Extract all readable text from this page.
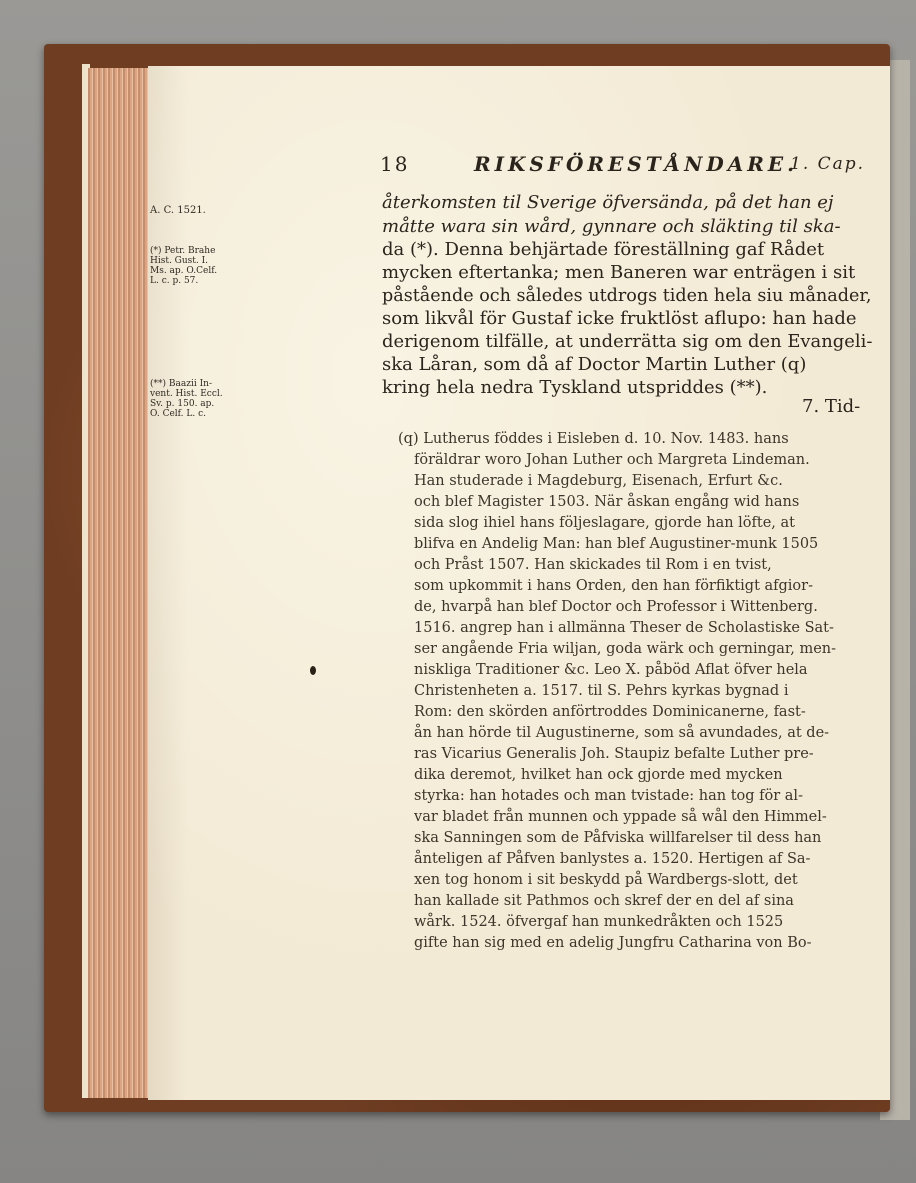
18	RIKSFÖRESTÅNDARE.
1. Cap.
A. C. 1521.
(*) Petr. Brahe
Hist. Gust. I.
Ms. ap. O.Celf.
L. c. p. 57.
(**) Baazii In-
vent. Hist. Eccl.
Sv. p. 150. ap.
O. Celf. L. c.
återkomsten til Sverige öfversända, på det han ej
måtte wara sin wård, gynnare och släkting til ska-
da (*). Denna behjärtade föreställning gaf Rådet
mycken eftertanka; men Baneren war enträgen i sit
påstående och således utdrogs tiden hela siu månader,
som likvål för Gustaf icke fruktlöst aflupo: han hade
derigenom tilfälle, at underrätta sig om den Evangeli-
ska Låran, som då af Doctor Martin Luther (q)
kring hela nedra Tyskland utspriddes (**).
7. Tid-
(q) Lutherus föddes i Eisleben d. 10. Nov. 1483. hans
föräldrar woro Johan Luther och Margreta Lindeman.
Han studerade i Magdeburg, Eisenach, Erfurt &c.
och blef Magister 1503. När åskan engång wid hans
sida slog ihiel hans följeslagare, gjorde han löfte, at
blifva en Andelig Man: han blef Augustiner-munk 1505
och Pråst 1507. Han skickades til Rom i en tvist,
som upkommit i hans Orden, den han förfiktigt afgior-
de, hvarpå han blef Doctor och Professor i Wittenberg.
1516. angrep han i allmänna Theser de Scholastiske Sat-
ser angående Fria wiljan, goda wärk och gerningar, men-
niskliga Traditioner &c. Leo X. påböd Aflat öfver hela
Christenheten a. 1517. til S. Pehrs kyrkas bygnad i
Rom: den skörden anförtroddes Dominicanerne, fast-
ån han hörde til Augustinerne, som så avundades, at de-
ras Vicarius Generalis Joh. Staupiz befalte Luther pre-
dika deremot, hvilket han ock gjorde med mycken
styrka: han hotades och man tvistade: han tog för al-
var bladet från munnen och yppade så wål den Himmel-
ska Sanningen som de Påfviska willfarelser til dess han
ånteligen af Påfven banlystes a. 1520. Hertigen af Sa-
xen tog honom i sit beskydd på Wardbergs-slott, det
han kallade sit Pathmos och skref der en del af sina
wårk. 1524. öfvergaf han munkedråkten och 1525
gifte han sig med en adelig Jungfru Catharina von Bo-
